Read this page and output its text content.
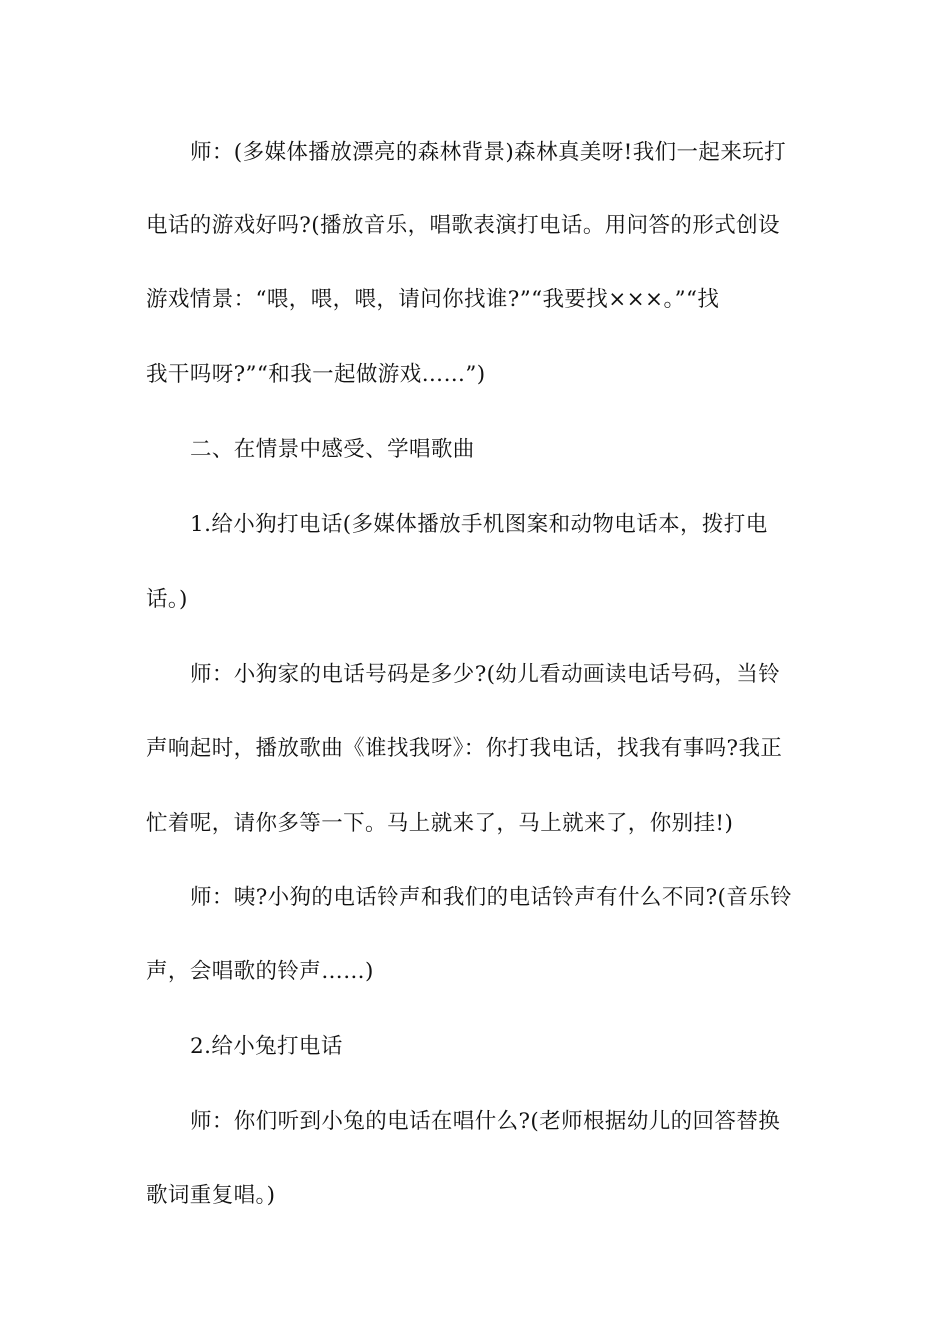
师：(多媒体播放漂亮的森林背景)森林真美呀!我们一起来玩打

电话的游戏好吗?(播放音乐，唱歌表演打电话。用问答的形式创设

游戏情景：“喂，喂，喂，请问你找谁?”“我要找×××。”“找

我干吗呀?”“和我一起做游戏……”)

二、在情景中感受、学唱歌曲

1.给小狗打电话(多媒体播放手机图案和动物电话本，拨打电

话。)

师：小狗家的电话号码是多少?(幼儿看动画读电话号码，当铃

声响起时，播放歌曲《谁找我呀》：你打我电话，找我有事吗?我正

忙着呢，请你多等一下。马上就来了，马上就来了，你别挂!)

师：咦?小狗的电话铃声和我们的电话铃声有什么不同?(音乐铃

声，会唱歌的铃声……)

2.给小兔打电话

师：你们听到小兔的电话在唱什么?(老师根据幼儿的回答替换

歌词重复唱。)
